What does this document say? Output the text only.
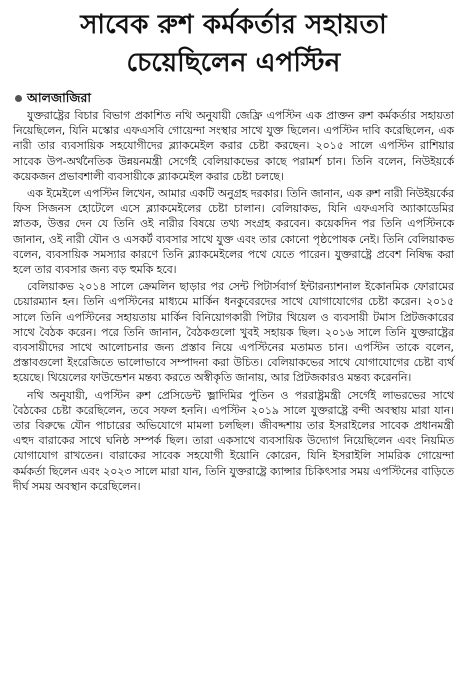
সাবেক রুশ কর্মকর্তার সহায়তা
চেয়েছিলেন এপস্টিন
আলজাজিরা

যুক্তরাষ্ট্রের বিচার বিভাগ প্রকাশিত নথি অনুযায়ী জেফ্রি এপস্টিন এক প্রাক্তন রুশ কর্মকর্তার সহায়তা নিয়েছিলেন, যিনি মস্কোর এফএসবি গোয়েন্দা সংস্থার সাথে যুক্ত ছিলেন। এপস্টিন দাবি করেছিলেন, এক নারী তার ব্যবসায়িক সহযোগীদের ব্ল্যাকমেইল করার চেষ্টা করছেন। ২০১৫ সালে এপস্টিন রাশিয়ার সাবেক উপ-অর্থনৈতিক উন্নয়নমন্ত্রী সের্গেই বেলিয়াকভের কাছে পরামর্শ চান। তিনি বলেন, নিউইয়র্কে কয়েকজন প্রভাবশালী ব্যবসায়ীকে ব্ল্যাকমেইল করার চেষ্টা চলছে।

এক ইমেইলে এপস্টিন লিখেন, আমার একটি অনুগ্রহ দরকার। তিনি জানান, এক রুশ নারী নিউইয়র্কের ফিস সিজনস হোটেলে এসে ব্ল্যাকমেইলের চেষ্টা চালান। বেলিয়াকভ, যিনি এফএসবি অ্যাকাডেমির স্নাতক, উত্তর দেন যে তিনি ওই নারীর বিষয়ে তথ্য সংগ্রহ করবেন। কয়েকদিন পর তিনি এপস্টিনকে জানান, ওই নারী যৌন ও এসকর্ট ব্যবসার সাথে যুক্ত এবং তার কোনো পৃষ্ঠপোষক নেই। তিনি বেলিয়াকভ বলেন, ব্যবসায়িক সমস্যার কারণে তিনি ব্ল্যাকমেইলের পথে যেতে পারেন। যুক্তরাষ্ট্রে প্রবেশ নিষিদ্ধ করা হলে তার ব্যবসার জন্য বড় হুমকি হবে।

বেলিয়াকভ ২০১৪ সালে ক্রেমলিন ছাড়ার পর সেন্ট পিটার্সবার্গ ইন্টারন্যাশনাল ইকোনমিক ফোরামের চেয়ারম্যান হন। তিনি এপস্টিনের মাধ্যমে মার্কিন ধনকুবেরদের সাথে যোগাযোগের চেষ্টা করেন। ২০১৫ সালে তিনি এপস্টিনের সহায়তায় মার্কিন বিনিয়োগকারী পিটার থিয়েল ও ব্যবসায়ী টমাস প্রিটজকারের সাথে বৈঠক করেন। পরে তিনি জানান, বৈঠকগুলো খুবই সহায়ক ছিল। ২০১৬ সালে তিনি যুক্তরাষ্ট্রের ব্যবসায়ীদের সাথে আলোচনার জন্য প্রস্তাব নিয়ে এপস্টিনের মতামত চান। এপস্টিন তাকে বলেন, প্রস্তাবগুলো ইংরেজিতে ভালোভাবে সম্পাদনা করা উচিত। বেলিয়াকভের সাথে যোগাযোগের চেষ্টা ব্যর্থ হয়েছে। থিয়েলের ফাউন্ডেশন মন্তব্য করতে অস্বীকৃতি জানায়, আর প্রিটজকারও মন্তব্য করেননি।

নথি অনুযায়ী, এপস্টিন রুশ প্রেসিডেন্ট ভ্লাদিমির পুতিন ও পররাষ্ট্রমন্ত্রী সের্গেই লাভরভের সাথে বৈঠকের চেষ্টা করেছিলেন, তবে সফল হননি। এপস্টিন ২০১৯ সালে যুক্তরাষ্ট্রে বন্দী অবস্থায় মারা যান। তার বিরুদ্ধে যৌন পাচারের অভিযোগে মামলা চলছিল। জীবদ্দশায় তার ইসরাইলের সাবেক প্রধানমন্ত্রী এহুদ বারাকের সাথে ঘনিষ্ঠ সম্পর্ক ছিল। তারা একসাথে ব্যবসায়িক উদ্যোগ নিয়েছিলেন এবং নিয়মিত যোগাযোগ রাখতেন। বারাকের সাবেক সহযোগী ইয়োনি কোরেন, যিনি ইসরাইলি সামরিক গোয়েন্দা কর্মকর্তা ছিলেন এবং ২০২৩ সালে মারা যান, তিনি যুক্তরাষ্ট্রে ক্যান্সার চিকিৎসার সময় এপস্টিনের বাড়িতে দীর্ঘ সময় অবস্থান করেছিলেন।
